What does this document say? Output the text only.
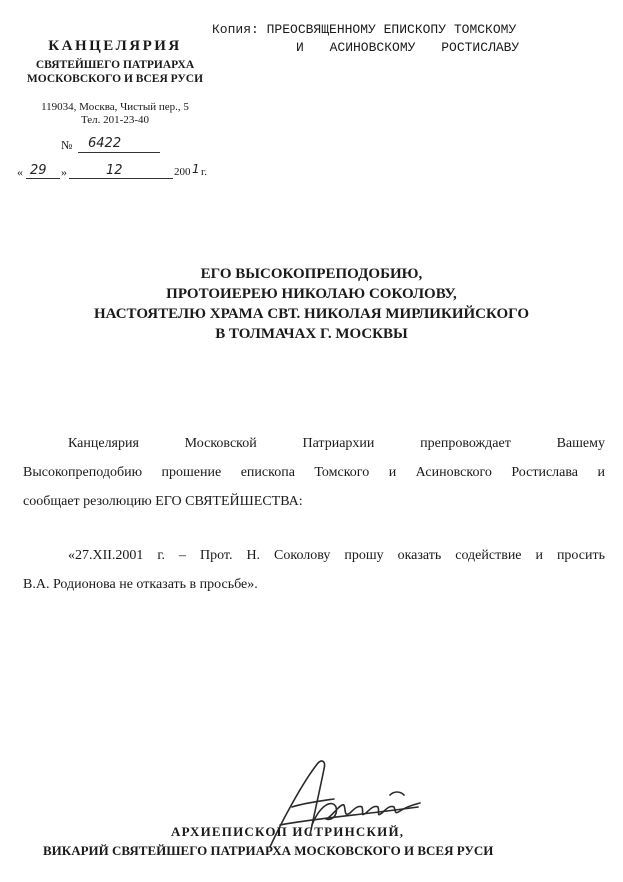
КАНЦЕЛЯРИЯ
СВЯТЕЙШЕГО ПАТРИАРХА
МОСКОВСКОГО И ВСЕЯ РУСИ
119034, Москва, Чистый пер., 5
Тел. 201-23-40
Копия: ПРЕОСВЯЩЕННОМУ ЕПИСКОПУ ТОМСКОМУ
И АСИНОВСКОМУ РОСТИСЛАВУ
№ 6422
« 29 »	12	200 1 г.
ЕГО ВЫСОКОПРЕПОДОБИЮ,
ПРОТОИЕРЕЮ НИКОЛАЮ СОКОЛОВУ,
НАСТОЯТЕЛЮ ХРАМА СВТ. НИКОЛАЯ МИРЛИКИЙСКОГО
В ТОЛМАЧАХ Г. МОСКВЫ
Канцелярия Московской Патриархии препровождает Вашему
Высокопреподобию прошение епископа Томского и Асиновского Ростислава и
сообщает резолюцию ЕГО СВЯТЕЙШЕСТВА:
«27.XII.2001 г. – Прот. Н. Соколову прошу оказать содействие и просить
В.А. Родионова не отказать в просьбе».
АРХИЕПИСКОП ИСТРИНСКИЙ,
ВИКАРИЙ СВЯТЕЙШЕГО ПАТРИАРХА МОСКОВСКОГО И ВСЕЯ РУСИ
